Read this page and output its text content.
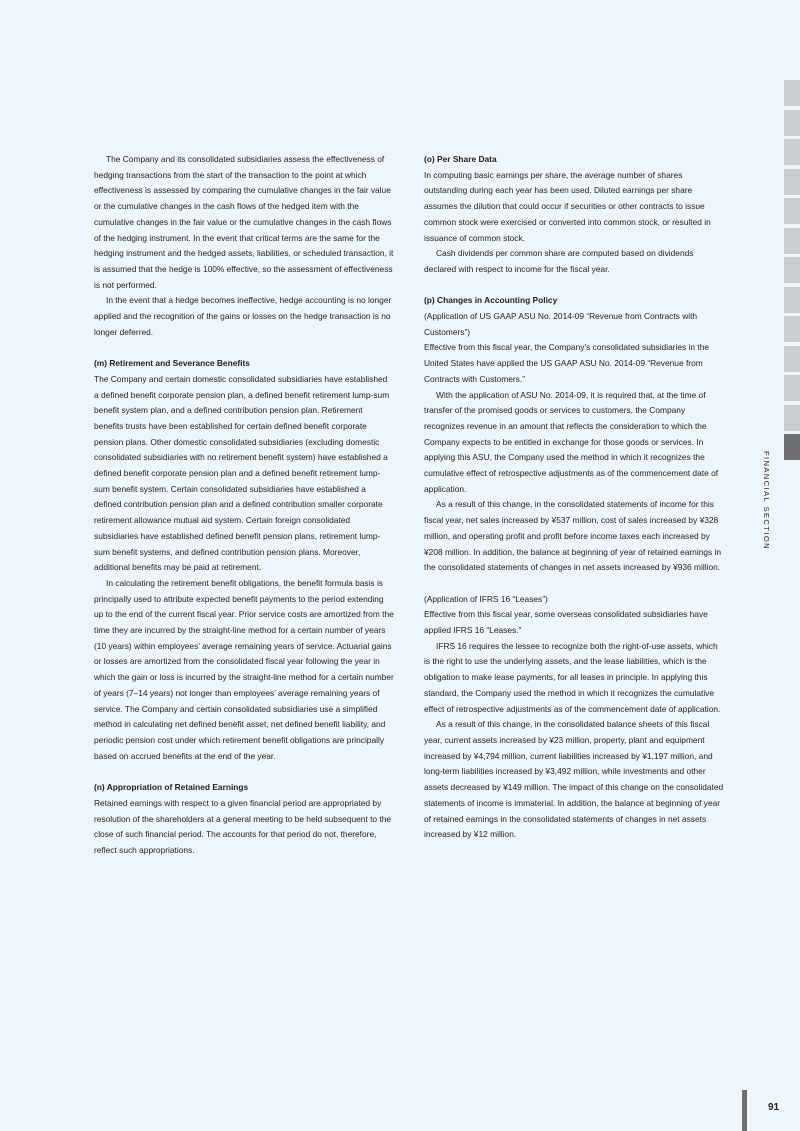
The Company and its consolidated subsidiaries assess the effectiveness of hedging transactions from the start of the transaction to the point at which effectiveness is assessed by comparing the cumulative changes in the fair value or the cumulative changes in the cash flows of the hedged item with the cumulative changes in the fair value or the cumulative changes in the cash flows of the hedging instrument. In the event that critical terms are the same for the hedging instrument and the hedged assets, liabilities, or scheduled transaction, it is assumed that the hedge is 100% effective, so the assessment of effectiveness is not performed.

In the event that a hedge becomes ineffective, hedge accounting is no longer applied and the recognition of the gains or losses on the hedge transaction is no longer deferred.

(m) Retirement and Severance Benefits

The Company and certain domestic consolidated subsidiaries have established a defined benefit corporate pension plan, a defined benefit retirement lump-sum benefit system plan, and a defined contribution pension plan. Retirement benefits trusts have been established for certain defined benefit corporate pension plans. Other domestic consolidated subsidiaries (excluding domestic consolidated subsidiaries with no retirement benefit system) have established a defined benefit corporate pension plan and a defined benefit retirement lump-sum benefit system. Certain consolidated subsidiaries have established a defined contribution pension plan and a defined contribution smaller corporate retirement allowance mutual aid system. Certain foreign consolidated subsidiaries have established defined benefit pension plans, retirement lump-sum benefit systems, and defined contribution pension plans. Moreover, additional benefits may be paid at retirement.

In calculating the retirement benefit obligations, the benefit formula basis is principally used to attribute expected benefit payments to the period extending up to the end of the current fiscal year. Prior service costs are amortized from the time they are incurred by the straight-line method for a certain number of years (10 years) within employees’ average remaining years of service. Actuarial gains or losses are amortized from the consolidated fiscal year following the year in which the gain or loss is incurred by the straight-line method for a certain number of years (7–14 years) not longer than employees’ average remaining years of service. The Company and certain consolidated subsidiaries use a simplified method in calculating net defined benefit asset, net defined benefit liability, and periodic pension cost under which retirement benefit obligations are principally based on accrued benefits at the end of the year.

(n) Appropriation of Retained Earnings

Retained earnings with respect to a given financial period are appropriated by resolution of the shareholders at a general meeting to be held subsequent to the close of such financial period. The accounts for that period do not, therefore, reflect such appropriations.

(o) Per Share Data

In computing basic earnings per share, the average number of shares outstanding during each year has been used. Diluted earnings per share assumes the dilution that could occur if securities or other contracts to issue common stock were exercised or converted into common stock, or resulted in issuance of common stock.

Cash dividends per common share are computed based on dividends declared with respect to income for the fiscal year.

(p) Changes in Accounting Policy

(Application of US GAAP ASU No. 2014-09 “Revenue from Contracts with Customers”)

Effective from this fiscal year, the Company’s consolidated subsidiaries in the United States have applied the US GAAP ASU No. 2014-09 “Revenue from Contracts with Customers.”

With the application of ASU No. 2014-09, it is required that, at the time of transfer of the promised goods or services to customers, the Company recognizes revenue in an amount that reflects the consideration to which the Company expects to be entitled in exchange for those goods or services. In applying this ASU, the Company used the method in which it recognizes the cumulative effect of retrospective adjustments as of the commencement date of application.

As a result of this change, in the consolidated statements of income for this fiscal year, net sales increased by ¥537 million, cost of sales increased by ¥328 million, and operating profit and profit before income taxes each increased by ¥208 million. In addition, the balance at beginning of year of retained earnings in the consolidated statements of changes in net assets increased by ¥936 million.

(Application of IFRS 16 “Leases”)

Effective from this fiscal year, some overseas consolidated subsidiaries have applied IFRS 16 “Leases.”

IFRS 16 requires the lessee to recognize both the right-of-use assets, which is the right to use the underlying assets, and the lease liabilities, which is the obligation to make lease payments, for all leases in principle. In applying this standard, the Company used the method in which it recognizes the cumulative effect of retrospective adjustments as of the commencement date of application.

As a result of this change, in the consolidated balance sheets of this fiscal year, current assets increased by ¥23 million, property, plant and equipment increased by ¥4,794 million, current liabilities increased by ¥1,197 million, and long-term liabilities increased by ¥3,492 million, while investments and other assets decreased by ¥149 million. The impact of this change on the consolidated statements of income is immaterial. In addition, the balance at beginning of year of retained earnings in the consolidated statements of changes in net assets increased by ¥12 million.

FINANCIAL SECTION
91
